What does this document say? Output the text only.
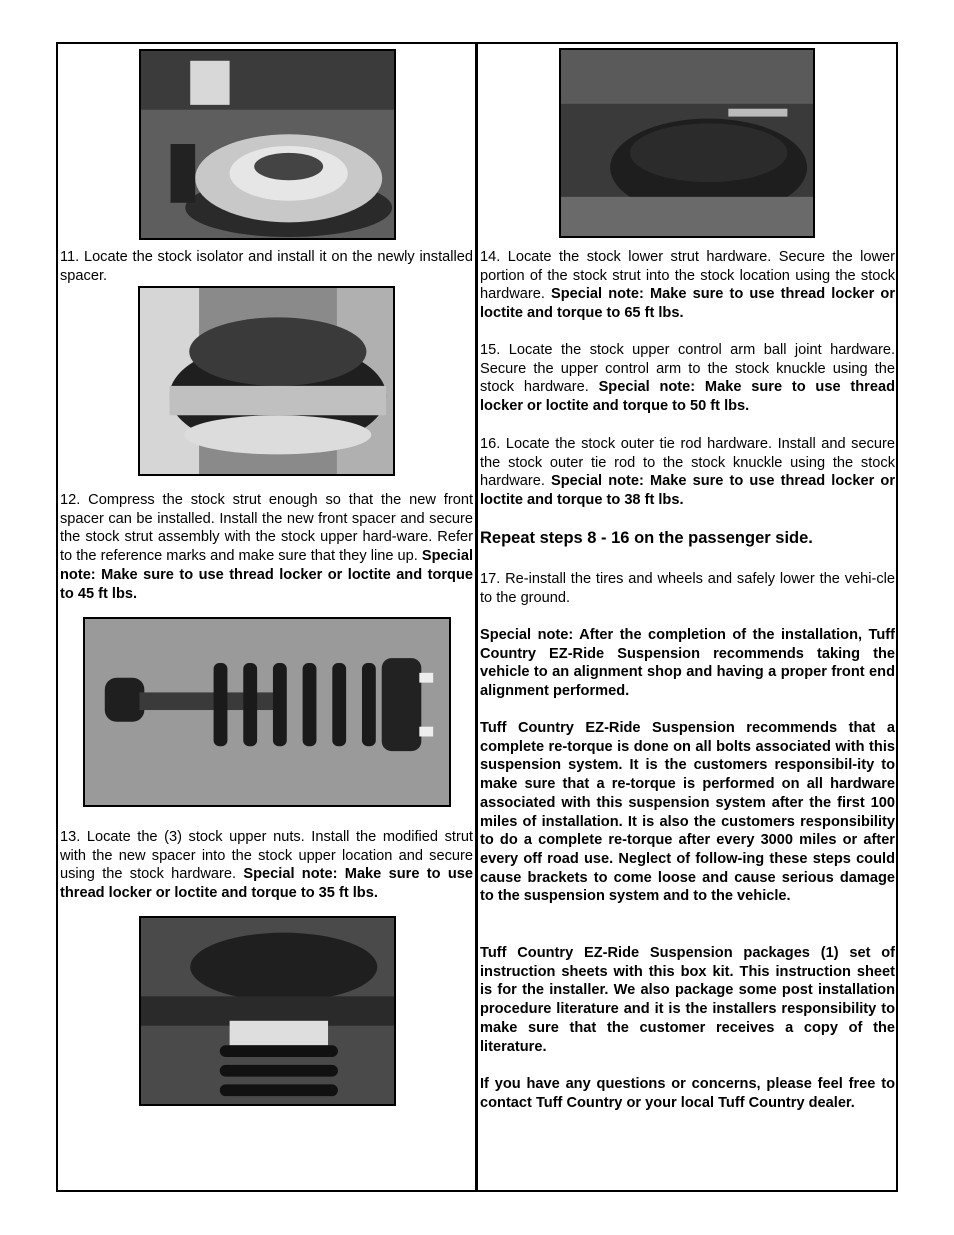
11. Locate the stock isolator and install it on the newly installed spacer.

12. Compress the stock strut enough so that the new front spacer can be installed. Install the new front spacer and secure the stock strut assembly with the stock upper hard-ware. Refer to the reference marks and make sure that they line up. Special note: Make sure to use thread locker or loctite and torque to 45 ft lbs.

13. Locate the (3) stock upper nuts. Install the modified strut with the new spacer into the stock upper location and secure using the stock hardware. Special note: Make sure to use thread locker or loctite and torque to 35 ft lbs.

14. Locate the stock lower strut hardware. Secure the lower portion of the stock strut into the stock location using the stock hardware. Special note: Make sure to use thread locker or loctite and torque to 65 ft lbs.

15. Locate the stock upper control arm ball joint hardware. Secure the upper control arm to the stock knuckle using the stock hardware. Special note: Make sure to use thread locker or loctite and torque to 50 ft lbs.

16. Locate the stock outer tie rod hardware. Install and secure the stock outer tie rod to the stock knuckle using the stock hardware. Special note: Make sure to use thread locker or loctite and torque to 38 ft lbs.

Repeat steps 8 - 16 on the passenger side.

17. Re-install the tires and wheels and safely lower the vehi-cle to the ground.

Special note: After the completion of the installation, Tuff Country EZ-Ride Suspension recommends taking the vehicle to an alignment shop and having a proper front end alignment performed.

Tuff Country EZ-Ride Suspension recommends that a complete re-torque is done on all bolts associated with this suspension system. It is the customers responsibil-ity to make sure that a re-torque is performed on all hardware associated with this suspension system after the first 100 miles of installation. It is also the customers responsibility to do a complete re-torque after every 3000 miles or after every off road use. Neglect of follow-ing these steps could cause brackets to come loose and cause serious damage to the suspension system and to the vehicle.

Tuff Country EZ-Ride Suspension packages (1) set of instruction sheets with this box kit. This instruction sheet is for the installer. We also package some post installation procedure literature and it is the installers responsibility to make sure that the customer receives a copy of the literature.

If you have any questions or concerns, please feel free to contact Tuff Country or your local Tuff Country dealer.
